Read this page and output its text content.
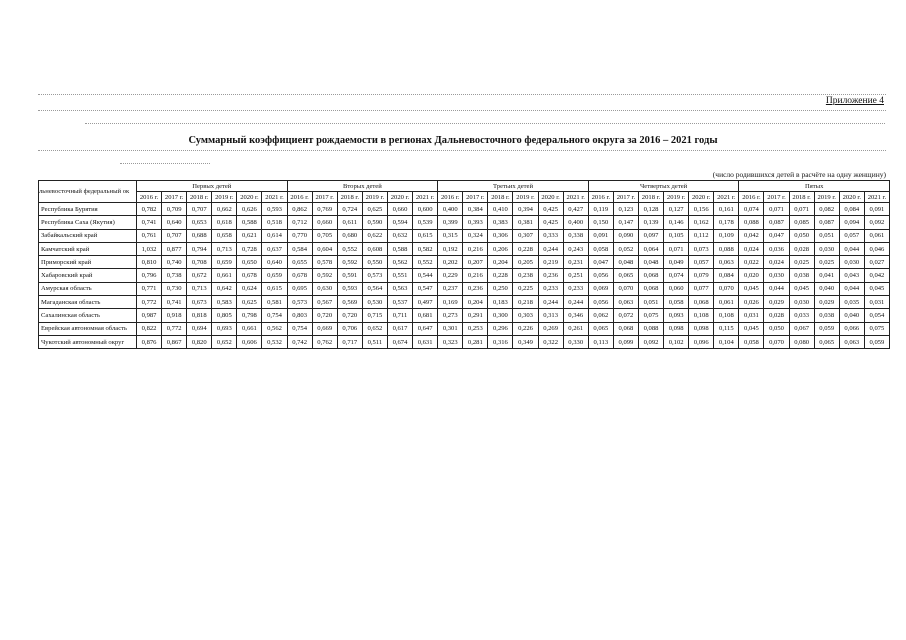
Приложение 4
Суммарный коэффициент рождаемости в регионах Дальневосточного федерального округа за 2016 – 2021 годы
(число родившихся детей в расчёте на одну женщину)
льневосточный федеральный ок	Первых детей						Вторых детей						Третьих детей						Четвертых детей						Пятых					
	2016 г.	2017 г.	2018 г.	2019 г.	2020 г.	2021 г.	2016 г.	2017 г.	2018 г.	2019 г.	2020 г.	2021 г.	2016 г.	2017 г.	2018 г.	2019 г.	2020 г.	2021 г.	2016 г.	2017 г.	2018 г.	2019 г.	2020 г.	2021 г.	2016 г.	2017 г.	2018 г.	2019 г.	2020 г.	2021 г.
Республика Бурятия	0,782	0,709	0,707	0,662	0,626	0,593	0,862	0,769	0,724	0,625	0,660	0,600	0,400	0,384	0,410	0,394	0,425	0,427	0,119	0,123	0,128	0,127	0,156	0,161	0,074	0,071	0,071	0,082	0,084	0,091
Республика Саха (Якутия)	0,741	0,640	0,653	0,618	0,588	0,518	0,712	0,660	0,611	0,590	0,594	0,539	0,399	0,393	0,383	0,381	0,425	0,400	0,150	0,147	0,139	0,146	0,162	0,178	0,088	0,087	0,085	0,087	0,094	0,092
Забайкальский край	0,761	0,707	0,688	0,658	0,621	0,614	0,770	0,705	0,680	0,622	0,632	0,615	0,315	0,324	0,306	0,307	0,333	0,338	0,091	0,090	0,097	0,105	0,112	0,109	0,042	0,047	0,050	0,051	0,057	0,061
Камчатский край	1,032	0,877	0,794	0,713	0,728	0,637	0,584	0,604	0,552	0,608	0,588	0,582	0,192	0,216	0,206	0,228	0,244	0,243	0,058	0,052	0,064	0,071	0,073	0,088	0,024	0,036	0,028	0,030	0,044	0,046
Приморский край	0,810	0,740	0,708	0,659	0,650	0,640	0,655	0,578	0,592	0,550	0,562	0,552	0,202	0,207	0,204	0,205	0,219	0,231	0,047	0,048	0,048	0,049	0,057	0,063	0,022	0,024	0,025	0,025	0,030	0,027
Хабаровский край	0,796	0,738	0,672	0,661	0,678	0,659	0,678	0,592	0,591	0,573	0,551	0,544	0,229	0,216	0,228	0,238	0,236	0,251	0,056	0,065	0,068	0,074	0,079	0,084	0,020	0,030	0,038	0,041	0,043	0,042
Амурская область	0,771	0,730	0,713	0,642	0,624	0,615	0,695	0,630	0,593	0,564	0,563	0,547	0,237	0,236	0,250	0,225	0,233	0,233	0,069	0,070	0,068	0,060	0,077	0,070	0,045	0,044	0,045	0,040	0,044	0,045
Магаданская область	0,772	0,741	0,673	0,583	0,625	0,581	0,573	0,567	0,569	0,530	0,537	0,497	0,169	0,204	0,183	0,218	0,244	0,244	0,056	0,063	0,051	0,058	0,068	0,061	0,026	0,029	0,030	0,029	0,035	0,031
Сахалинская область	0,987	0,918	0,818	0,805	0,798	0,754	0,803	0,720	0,720	0,715	0,711	0,681	0,273	0,291	0,300	0,303	0,313	0,346	0,062	0,072	0,075	0,093	0,108	0,108	0,031	0,028	0,033	0,038	0,040	0,054
Еврейская автономная область	0,822	0,772	0,694	0,693	0,661	0,562	0,754	0,669	0,706	0,652	0,617	0,647	0,301	0,253	0,296	0,226	0,269	0,261	0,065	0,068	0,088	0,098	0,098	0,115	0,045	0,050	0,067	0,059	0,066	0,075
Чукотский автономный округ	0,876	0,867	0,820	0,652	0,606	0,532	0,742	0,762	0,717	0,511	0,674	0,631	0,323	0,281	0,316	0,349	0,322	0,330	0,113	0,099	0,092	0,102	0,096	0,104	0,058	0,070	0,080	0,065	0,063	0,059
